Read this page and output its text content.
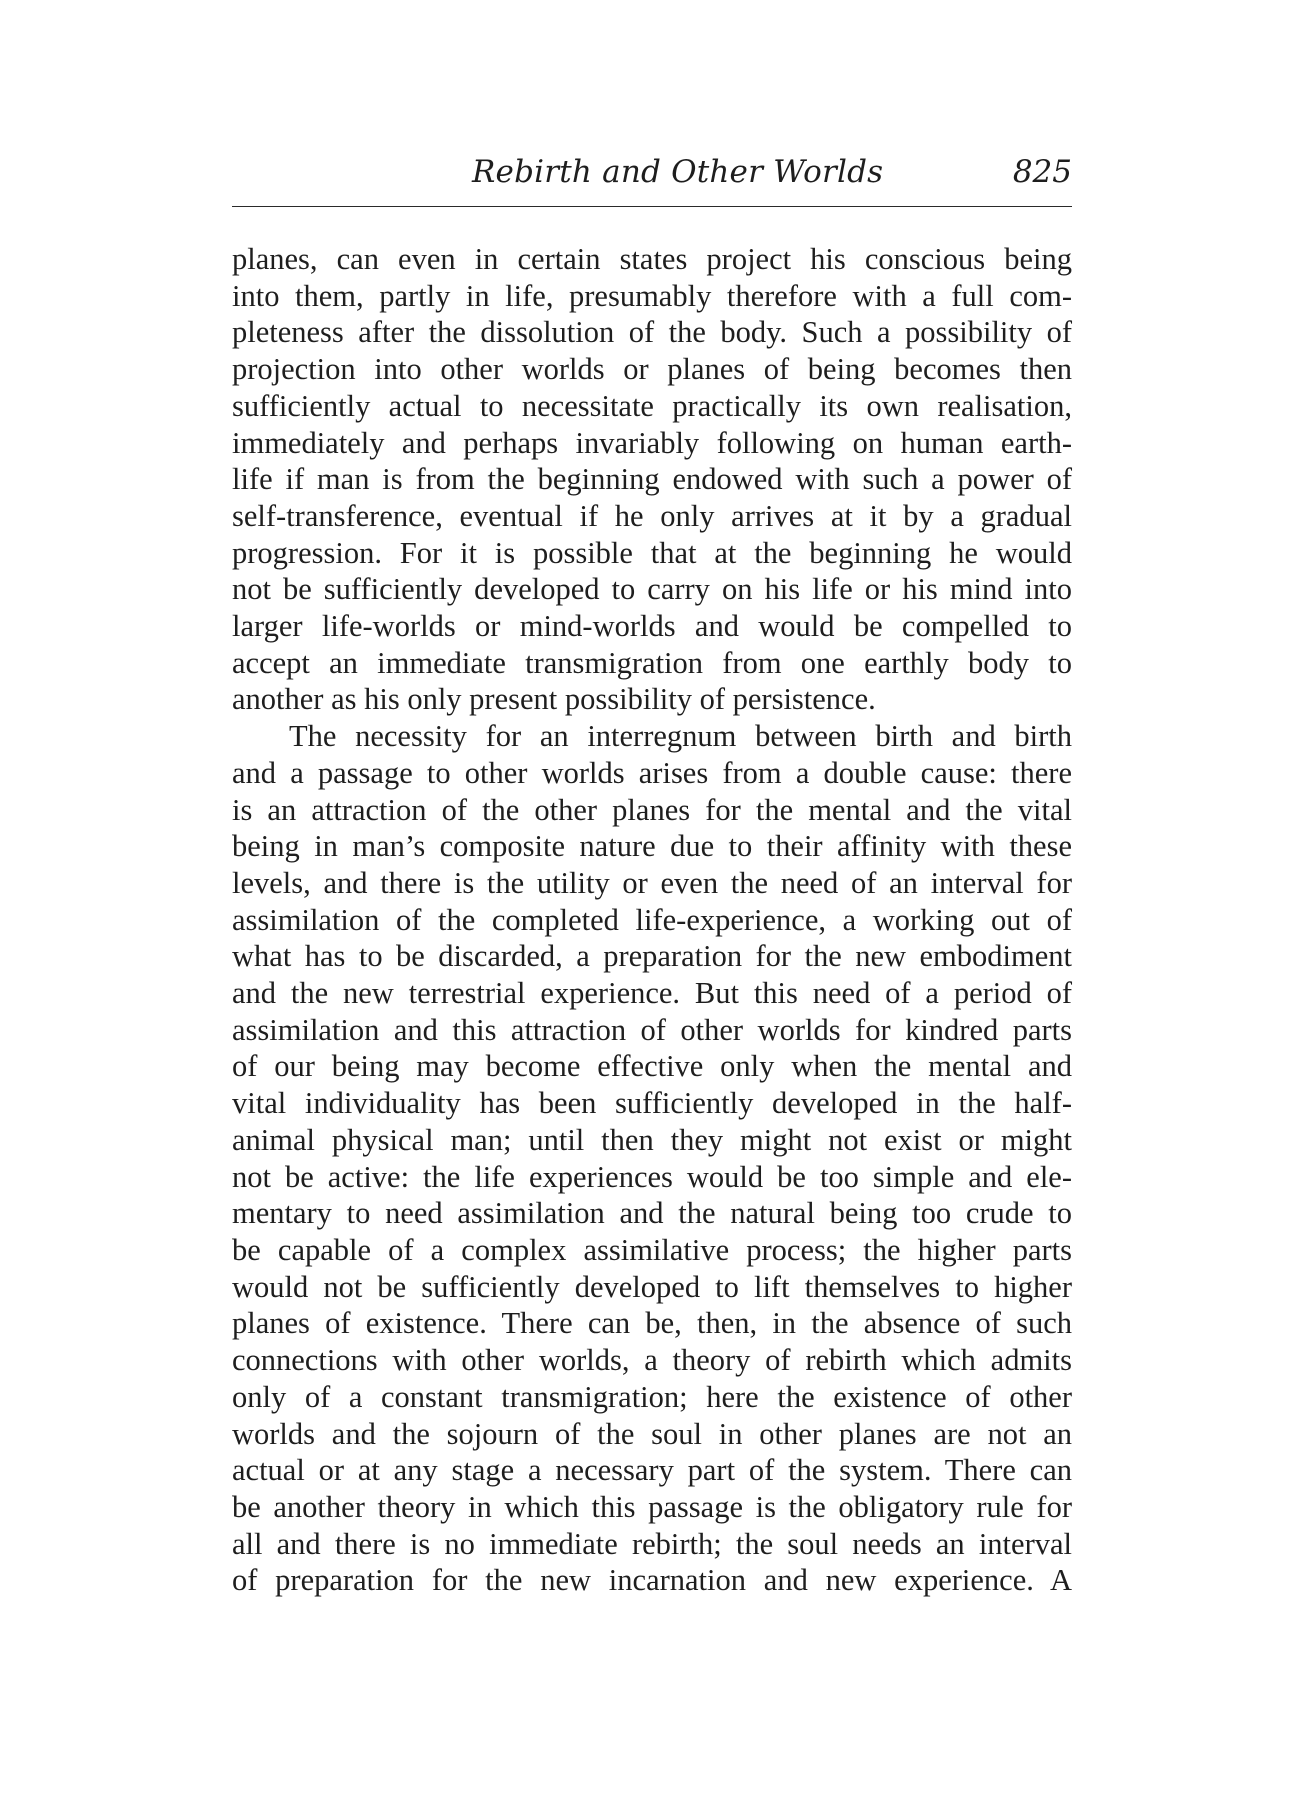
Rebirth and Other Worlds	825
planes, can even in certain states project his conscious being
into them, partly in life, presumably therefore with a full com-
pleteness after the dissolution of the body. Such a possibility of
projection into other worlds or planes of being becomes then
sufficiently actual to necessitate practically its own realisation,
immediately and perhaps invariably following on human earth-
life if man is from the beginning endowed with such a power of
self-transference, eventual if he only arrives at it by a gradual
progression. For it is possible that at the beginning he would
not be sufficiently developed to carry on his life or his mind into
larger life-worlds or mind-worlds and would be compelled to
accept an immediate transmigration from one earthly body to
another as his only present possibility of persistence.
The necessity for an interregnum between birth and birth
and a passage to other worlds arises from a double cause: there
is an attraction of the other planes for the mental and the vital
being in man’s composite nature due to their affinity with these
levels, and there is the utility or even the need of an interval for
assimilation of the completed life-experience, a working out of
what has to be discarded, a preparation for the new embodiment
and the new terrestrial experience. But this need of a period of
assimilation and this attraction of other worlds for kindred parts
of our being may become effective only when the mental and
vital individuality has been sufficiently developed in the half-
animal physical man; until then they might not exist or might
not be active: the life experiences would be too simple and ele-
mentary to need assimilation and the natural being too crude to
be capable of a complex assimilative process; the higher parts
would not be sufficiently developed to lift themselves to higher
planes of existence. There can be, then, in the absence of such
connections with other worlds, a theory of rebirth which admits
only of a constant transmigration; here the existence of other
worlds and the sojourn of the soul in other planes are not an
actual or at any stage a necessary part of the system. There can
be another theory in which this passage is the obligatory rule for
all and there is no immediate rebirth; the soul needs an interval
of preparation for the new incarnation and new experience. A
